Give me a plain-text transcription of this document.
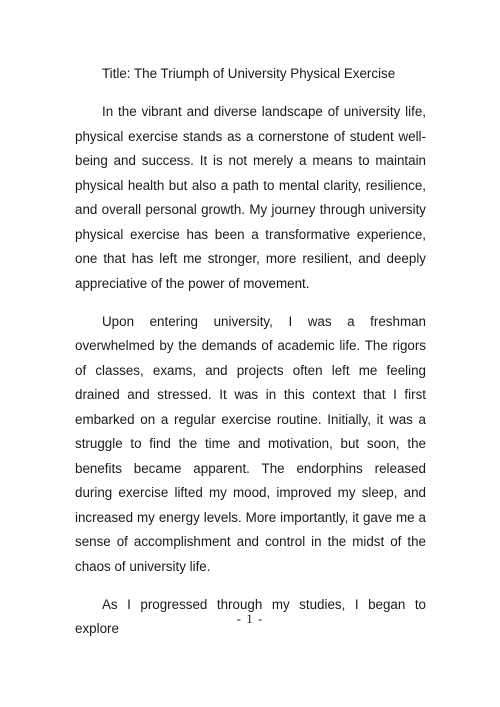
Title: The Triumph of University Physical Exercise

In the vibrant and diverse landscape of university life, physical exercise stands as a cornerstone of student well-being and success. It is not merely a means to maintain physical health but also a path to mental clarity, resilience, and overall personal growth. My journey through university physical exercise has been a transformative experience, one that has left me stronger, more resilient, and deeply appreciative of the power of movement.

Upon entering university, I was a freshman overwhelmed by the demands of academic life. The rigors of classes, exams, and projects often left me feeling drained and stressed. It was in this context that I first embarked on a regular exercise routine. Initially, it was a struggle to find the time and motivation, but soon, the benefits became apparent. The endorphins released during exercise lifted my mood, improved my sleep, and increased my energy levels. More importantly, it gave me a sense of accomplishment and control in the midst of the chaos of university life.

As I progressed through my studies, I began to explore

- 1 -
